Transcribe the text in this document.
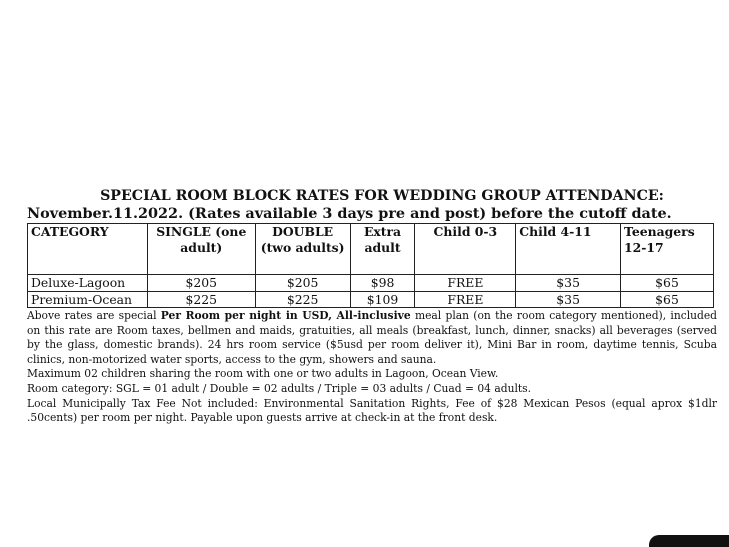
SPECIAL ROOM BLOCK RATES FOR WEDDING GROUP ATTENDANCE:
November.11.2022. (Rates available 3 days pre and post) before the cutoff date.
CATEGORY	SINGLE (one adult)	DOUBLE (two adults)	Extra adult	Child 0-3	Child 4-11	Teenagers 12-17
Deluxe-Lagoon	$205	$205	$98	FREE	$35	$65
Premium-Ocean	$225	$225	$109	FREE	$35	$65

Above rates are special Per Room per night in USD, All-inclusive meal plan (on the room category mentioned), included on this rate are Room taxes, bellmen and maids, gratuities, all meals (breakfast, lunch, dinner, snacks) all beverages (served by the glass, domestic brands). 24 hrs room service ($5usd per room deliver it), Mini Bar in room, daytime tennis, Scuba clinics, non-motorized water sports, access to the gym, showers and sauna.

Maximum 02 children sharing the room with one or two adults in Lagoon, Ocean View.

Room category: SGL = 01 adult / Double = 02 adults / Triple = 03 adults / Cuad = 04 adults.

Local Municipally Tax Fee Not included: Environmental Sanitation Rights, Fee of $28 Mexican Pesos (equal aprox $1dlr .50cents) per room per night. Payable upon guests arrive at check-in at the front desk.
